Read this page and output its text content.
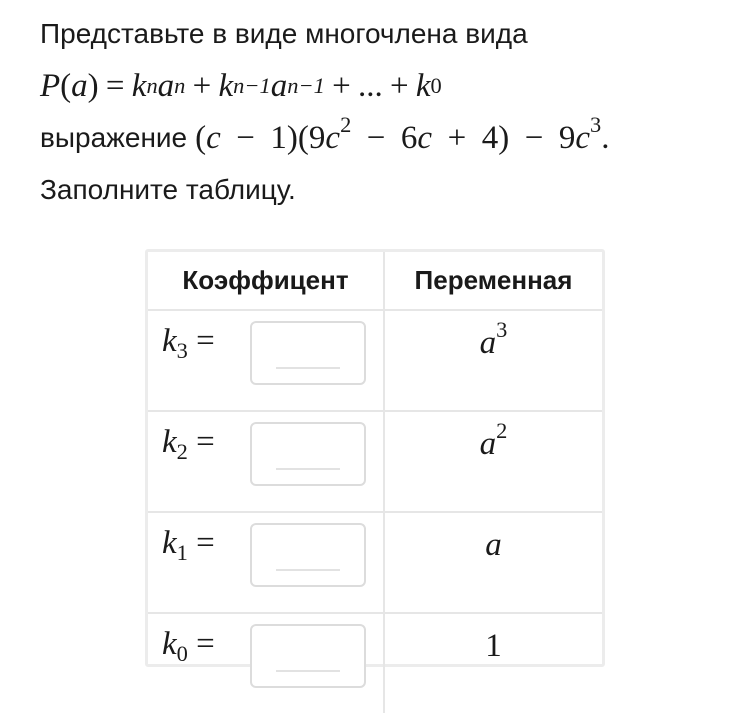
Представьте в виде многочлена вида
P ( a ) = k n a n + k n−1 a n−1 + ... + k 0
выражение $(c - 1)(9c^2 - 6c + 4) - 9c^3$.
Заполните таблицу.
Коэффицент	Переменная

$k_3$ =	$a^3$

$k_2$ =	$a^2$

$k_1$ =	a

$k_0$ =	1
